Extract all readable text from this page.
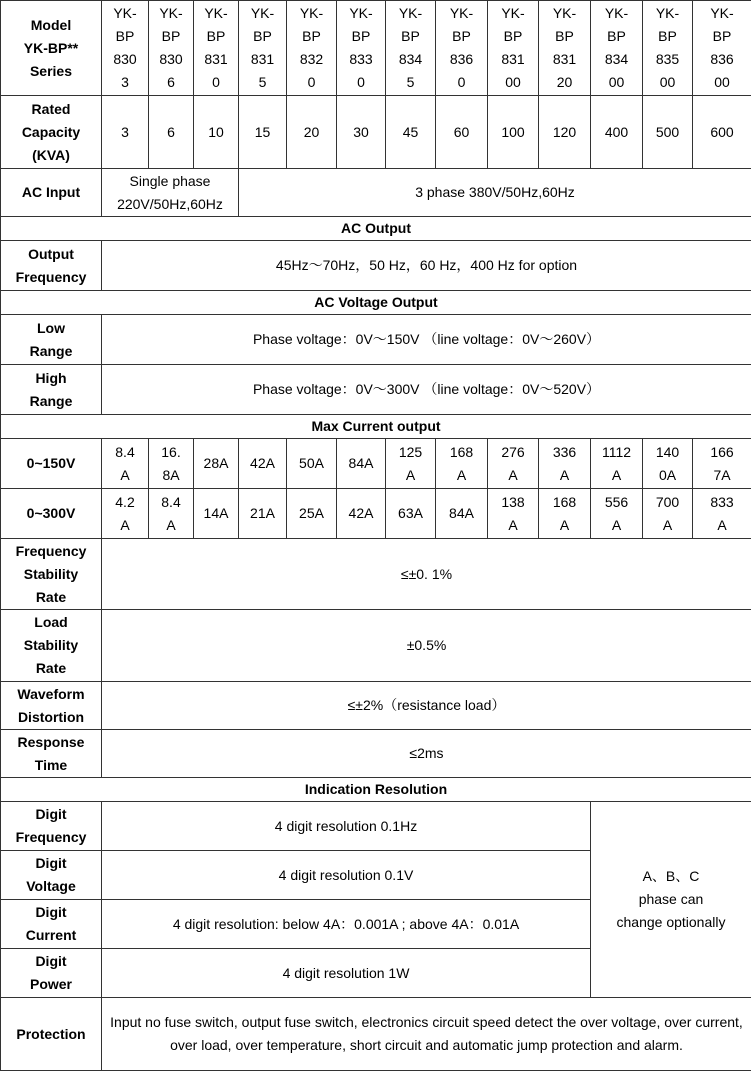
Model
YK-BP**
Series	YK-
BP
830
3	YK-
BP
830
6	YK-
BP
831
0	YK-
BP
831
5	YK-
BP
832
0	YK-
BP
833
0	YK-
BP
834
5	YK-
BP
836
0	YK-
BP
831
00	YK-
BP
831
20	YK-
BP
834
00	YK-
BP
835
00	YK-
BP
836
00
Rated
Capacity
(KVA)	3	6	10	15	20	30	45	60	100	120	400	500	600
AC Input	Single phase
220V/50Hz,60Hz			3 phase 380V/50Hz,60Hz									
AC Output													
Output
Frequency	45Hz～70Hz，50 Hz，60 Hz，400 Hz for option												
AC Voltage Output													
Low
Range	Phase voltage：0V～150V （line voltage：0V～260V）												
High
Range	Phase voltage：0V～300V （line voltage：0V～520V）												
Max Current output													
0~150V	8.4
A	16.
8A	28A	42A	50A	84A	125
A	168
A	276
A	336
A	1112
A	140
0A	166
7A
0~300V	4.2
A	8.4
A	14A	21A	25A	42A	63A	84A	138
A	168
A	556
A	700
A	833
A
Frequency
Stability
Rate	≤±0. 1%												
Load
Stability
Rate	±0.5%												
Waveform
Distortion	≤±2%（resistance load）												
Response
Time	≤2ms												
Indication Resolution													
Digit
Frequency	4 digit resolution 0.1Hz										A、B、C
phase can
change optionally		
Digit
Voltage	4 digit resolution 0.1V												
Digit
Current	4 digit resolution: below 4A：0.001A ; above 4A：0.01A												
Digit
Power	4 digit resolution 1W												
Protection	Input no fuse switch, output fuse switch, electronics circuit speed detect the over voltage, over current, over load, over temperature, short circuit and automatic jump protection and alarm.												
